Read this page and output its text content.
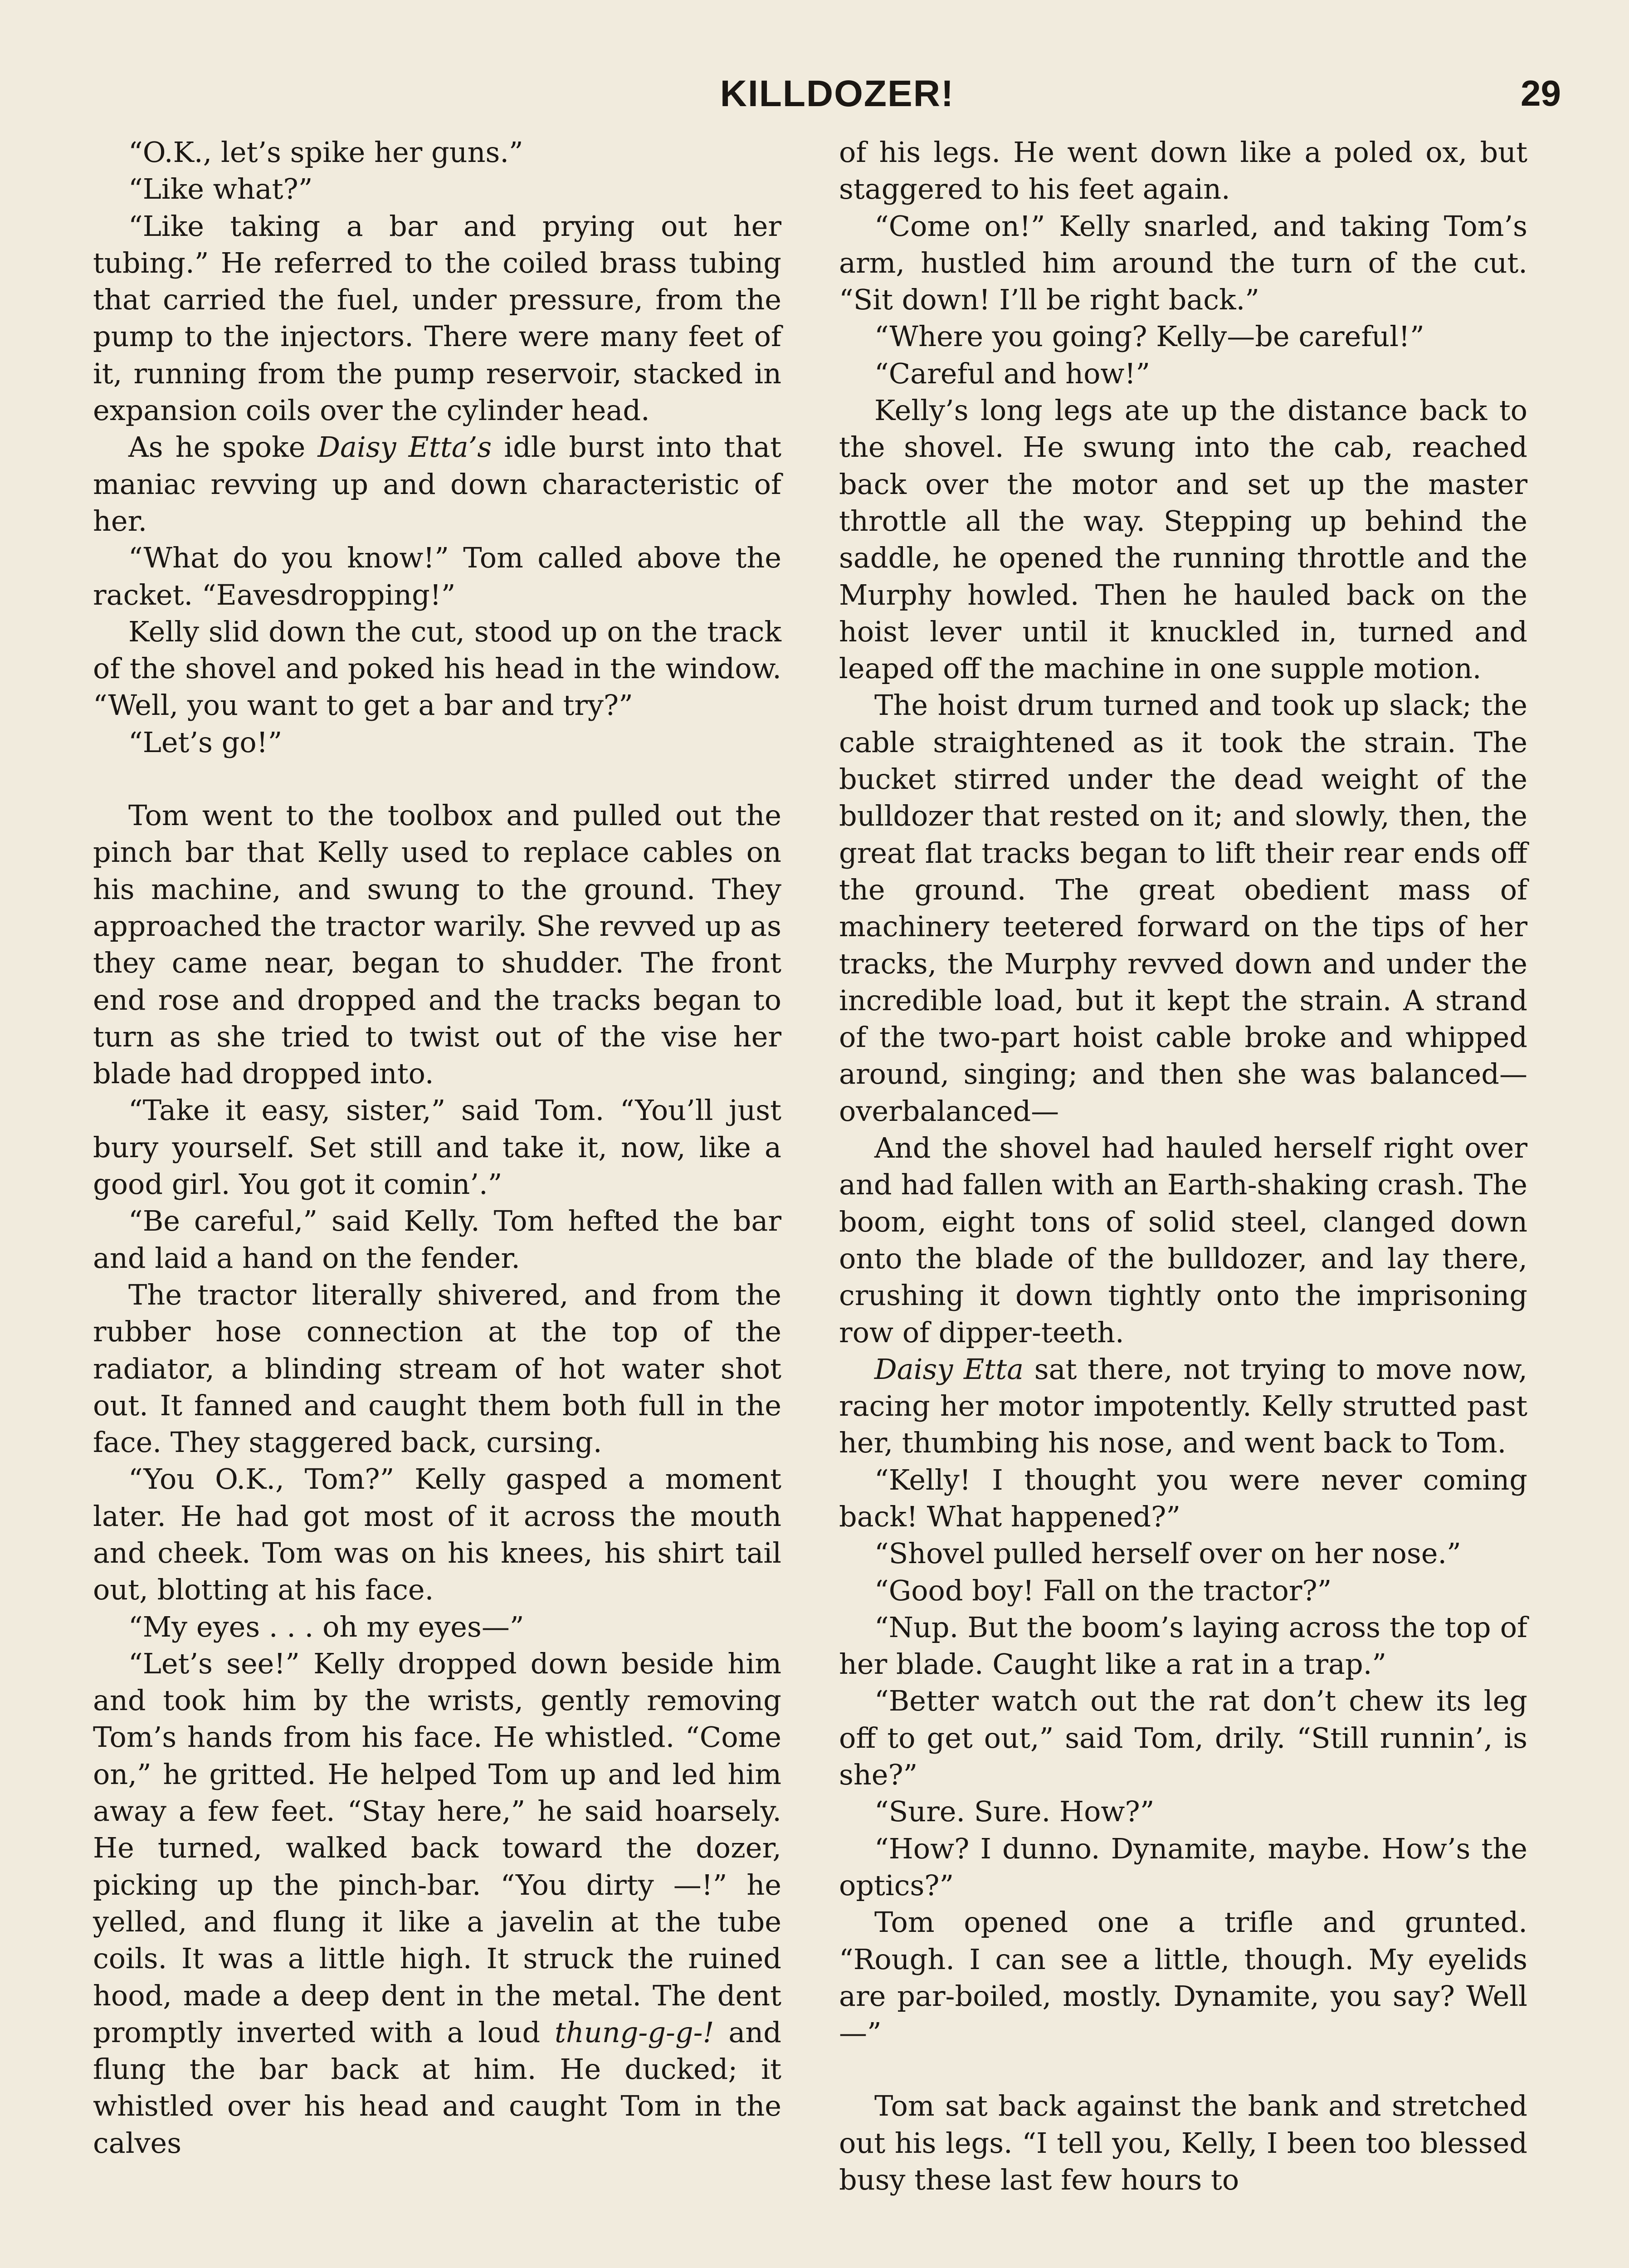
KILLDOZER!	29

“O.K., let’s spike her guns.”

“Like what?”

“Like taking a bar and prying out her tubing.” He referred to the coiled brass tubing that carried the fuel, under pressure, from the pump to the injectors. There were many feet of it, running from the pump reservoir, stacked in expansion coils over the cylinder head.

As he spoke Daisy Etta’s idle burst into that maniac revving up and down characteristic of her.

“What do you know!” Tom called above the racket. “Eavesdropping!”

Kelly slid down the cut, stood up on the track of the shovel and poked his head in the window. “Well, you want to get a bar and try?”

“Let’s go!”

Tom went to the toolbox and pulled out the pinch bar that Kelly used to replace cables on his machine, and swung to the ground. They approached the tractor warily. She revved up as they came near, began to shudder. The front end rose and dropped and the tracks began to turn as she tried to twist out of the vise her blade had dropped into.

“Take it easy, sister,” said Tom. “You’ll just bury yourself. Set still and take it, now, like a good girl. You got it comin’.”

“Be careful,” said Kelly. Tom hefted the bar and laid a hand on the fender.

The tractor literally shivered, and from the rubber hose connection at the top of the radiator, a blinding stream of hot water shot out. It fanned and caught them both full in the face. They staggered back, cursing.

“You O.K., Tom?” Kelly gasped a moment later. He had got most of it across the mouth and cheek. Tom was on his knees, his shirt tail out, blotting at his face.

“My eyes . . . oh my eyes—”

“Let’s see!” Kelly dropped down beside him and took him by the wrists, gently removing Tom’s hands from his face. He whistled. “Come on,” he gritted. He helped Tom up and led him away a few feet. “Stay here,” he said hoarsely. He turned, walked back toward the dozer, picking up the pinch-bar. “You dirty —!” he yelled, and flung it like a javelin at the tube coils. It was a little high. It struck the ruined hood, made a deep dent in the metal. The dent promptly inverted with a loud thung-g-g-! and flung the bar back at him. He ducked; it whistled over his head and caught Tom in the calves

of his legs. He went down like a poled ox, but staggered to his feet again.

“Come on!” Kelly snarled, and taking Tom’s arm, hustled him around the turn of the cut. “Sit down! I’ll be right back.”

“Where you going? Kelly—be careful!”

“Careful and how!”

Kelly’s long legs ate up the distance back to the shovel. He swung into the cab, reached back over the motor and set up the master throttle all the way. Stepping up behind the saddle, he opened the running throttle and the Murphy howled. Then he hauled back on the hoist lever until it knuckled in, turned and leaped off the machine in one supple motion.

The hoist drum turned and took up slack; the cable straightened as it took the strain. The bucket stirred under the dead weight of the bulldozer that rested on it; and slowly, then, the great flat tracks began to lift their rear ends off the ground. The great obedient mass of machinery teetered forward on the tips of her tracks, the Murphy revved down and under the incredible load, but it kept the strain. A strand of the two-part hoist cable broke and whipped around, singing; and then she was balanced—overbalanced—

And the shovel had hauled herself right over and had fallen with an Earth-shaking crash. The boom, eight tons of solid steel, clanged down onto the blade of the bulldozer, and lay there, crushing it down tightly onto the imprisoning row of dipper-teeth.

Daisy Etta sat there, not trying to move now, racing her motor impotently. Kelly strutted past her, thumbing his nose, and went back to Tom.

“Kelly! I thought you were never coming back! What happened?”

“Shovel pulled herself over on her nose.”

“Good boy! Fall on the tractor?”

“Nup. But the boom’s laying across the top of her blade. Caught like a rat in a trap.”

“Better watch out the rat don’t chew its leg off to get out,” said Tom, drily. “Still runnin’, is she?”

“Sure. Sure. How?”

“How? I dunno. Dynamite, maybe. How’s the optics?”

Tom opened one a trifle and grunted. “Rough. I can see a little, though. My eyelids are par-boiled, mostly. Dynamite, you say? Well—”

Tom sat back against the bank and stretched out his legs. “I tell you, Kelly, I been too blessed busy these last few hours to
